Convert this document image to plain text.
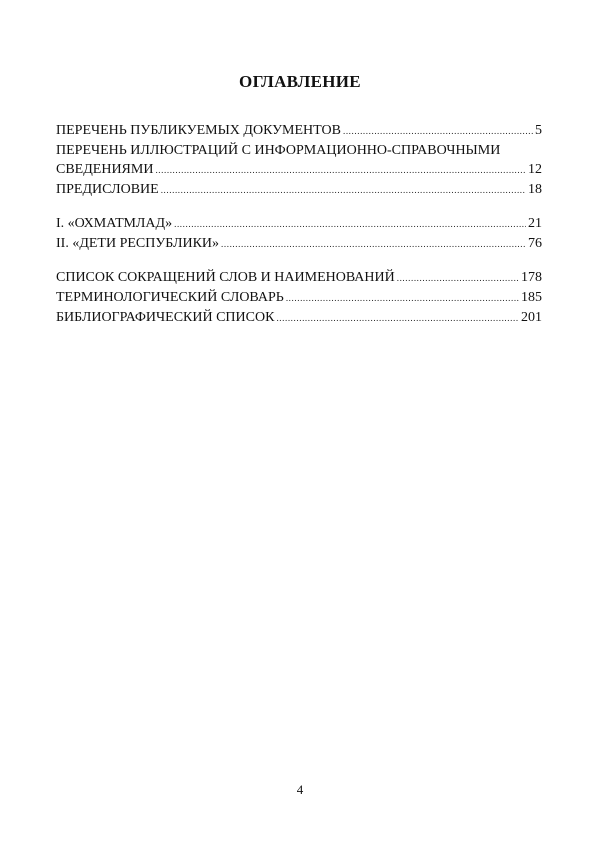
ОГЛАВЛЕНИЕ
ПЕРЕЧЕНЬ ПУБЛИКУЕМЫХ ДОКУМЕНТОВ .....	5
ПЕРЕЧЕНЬ ИЛЛЮСТРАЦИЙ С ИНФОРМАЦИОННО-СПРАВОЧНЫМИ
СВЕДЕНИЯМИ .....	12
ПРЕДИСЛОВИЕ .....	18
I. «ОХМАТМЛАД» .....	21
II. «ДЕТИ РЕСПУБЛИКИ» .....	76
СПИСОК СОКРАЩЕНИЙ СЛОВ И НАИМЕНОВАНИЙ .....	178
ТЕРМИНОЛОГИЧЕСКИЙ СЛОВАРЬ .....	185
БИБЛИОГРАФИЧЕСКИЙ СПИСОК .....	201
4
